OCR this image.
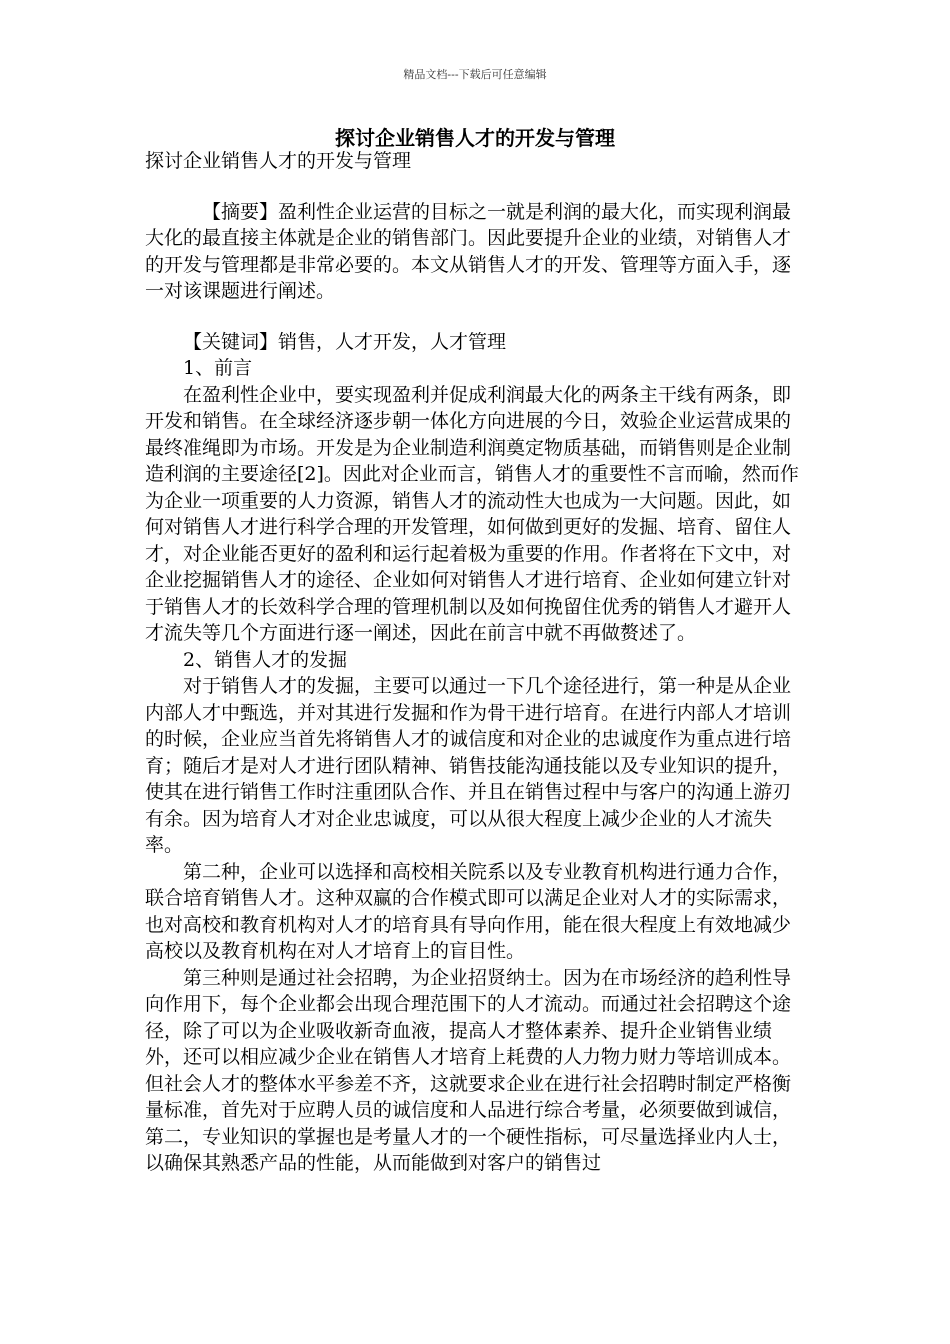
精品文档---下载后可任意编辑
探讨企业销售人才的开发与管理

探讨企业销售人才的开发与管理

【摘要】盈利性企业运营的目标之一就是利润的最大化，而实现利润最大化的最直接主体就是企业的销售部门。因此要提升企业的业绩，对销售人才的开发与管理都是非常必要的。本文从销售人才的开发、管理等方面入手，逐一对该课题进行阐述。

【关键词】销售，人才开发，人才管理

1、前言

在盈利性企业中，要实现盈利并促成利润最大化的两条主干线有两条，即开发和销售。在全球经济逐步朝一体化方向进展的今日，效验企业运营成果的最终准绳即为市场。开发是为企业制造利润奠定物质基础，而销售则是企业制造利润的主要途径[2]。因此对企业而言，销售人才的重要性不言而喻，然而作为企业一项重要的人力资源，销售人才的流动性大也成为一大问题。因此，如何对销售人才进行科学合理的开发管理，如何做到更好的发掘、培育、留住人才，对企业能否更好的盈利和运行起着极为重要的作用。作者将在下文中，对企业挖掘销售人才的途径、企业如何对销售人才进行培育、企业如何建立针对于销售人才的长效科学合理的管理机制以及如何挽留住优秀的销售人才避开人才流失等几个方面进行逐一阐述，因此在前言中就不再做赘述了。

2、销售人才的发掘

对于销售人才的发掘，主要可以通过一下几个途径进行，第一种是从企业内部人才中甄选，并对其进行发掘和作为骨干进行培育。在进行内部人才培训的时候，企业应当首先将销售人才的诚信度和对企业的忠诚度作为重点进行培育；随后才是对人才进行团队精神、销售技能沟通技能以及专业知识的提升，使其在进行销售工作时注重团队合作、并且在销售过程中与客户的沟通上游刃有余。因为培育人才对企业忠诚度，可以从很大程度上减少企业的人才流失率。

第二种，企业可以选择和高校相关院系以及专业教育机构进行通力合作，联合培育销售人才。这种双赢的合作模式即可以满足企业对人才的实际需求，也对高校和教育机构对人才的培育具有导向作用，能在很大程度上有效地减少高校以及教育机构在对人才培育上的盲目性。

第三种则是通过社会招聘，为企业招贤纳士。因为在市场经济的趋利性导向作用下，每个企业都会出现合理范围下的人才流动。而通过社会招聘这个途径，除了可以为企业吸收新奇血液，提高人才整体素养、提升企业销售业绩外，还可以相应减少企业在销售人才培育上耗费的人力物力财力等培训成本。但社会人才的整体水平参差不齐，这就要求企业在进行社会招聘时制定严格衡量标准，首先对于应聘人员的诚信度和人品进行综合考量，必须要做到诚信，第二，专业知识的掌握也是考量人才的一个硬性指标，可尽量选择业内人士，以确保其熟悉产品的性能，从而能做到对客户的销售过
